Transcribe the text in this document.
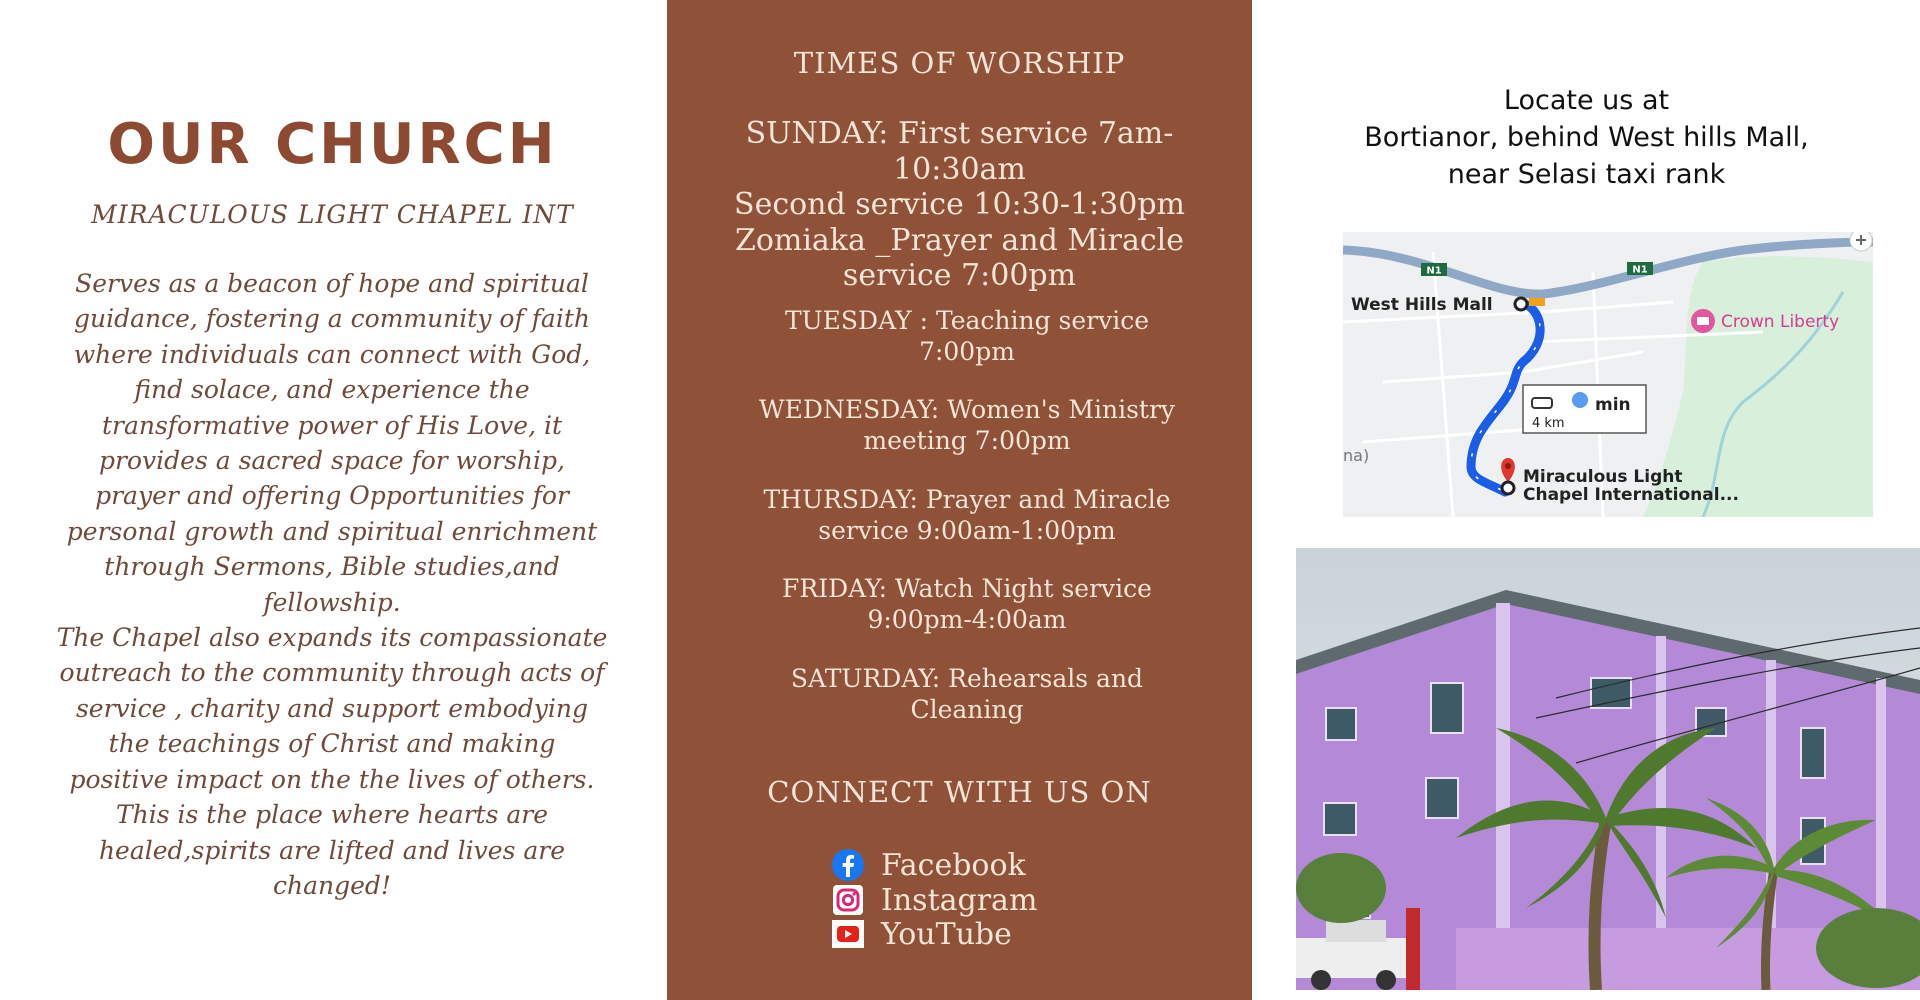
OUR CHURCH
MIRACULOUS LIGHT CHAPEL INT
Serves as a beacon of hope and spiritual
guidance, fostering a community of faith
where individuals can connect with God,
find solace, and experience the
transformative power of His Love, it
provides a sacred space for worship,
prayer and offering Opportunities for
personal growth and spiritual enrichment
through Sermons, Bible studies,and
fellowship.
The Chapel also expands its compassionate
outreach to the community through acts of
service , charity and support embodying
the teachings of Christ and making
positive impact on the the lives of others.
This is the place where hearts are
healed,spirits are lifted and lives are
changed!
TIMES OF WORSHIP
SUNDAY: First service 7am-
10:30am
Second service 10:30-1:30pm
Zomiaka _Prayer and Miracle
service 7:00pm
TUESDAY : Teaching service
7:00pm
WEDNESDAY: Women's Ministry
meeting 7:00pm
THURSDAY: Prayer and Miracle
service 9:00am-1:00pm
FRIDAY: Watch Night service
9:00pm-4:00am
SATURDAY: Rehearsals and
Cleaning
CONNECT WITH US ON
Facebook
Instagram
YouTube
Locate us at
Bortianor, behind West hills Mall,
near Selasi taxi rank
N1	N1
West Hills Mall
Crown Liberty
min
4 km
na)
Miraculous Light
Chapel International...
